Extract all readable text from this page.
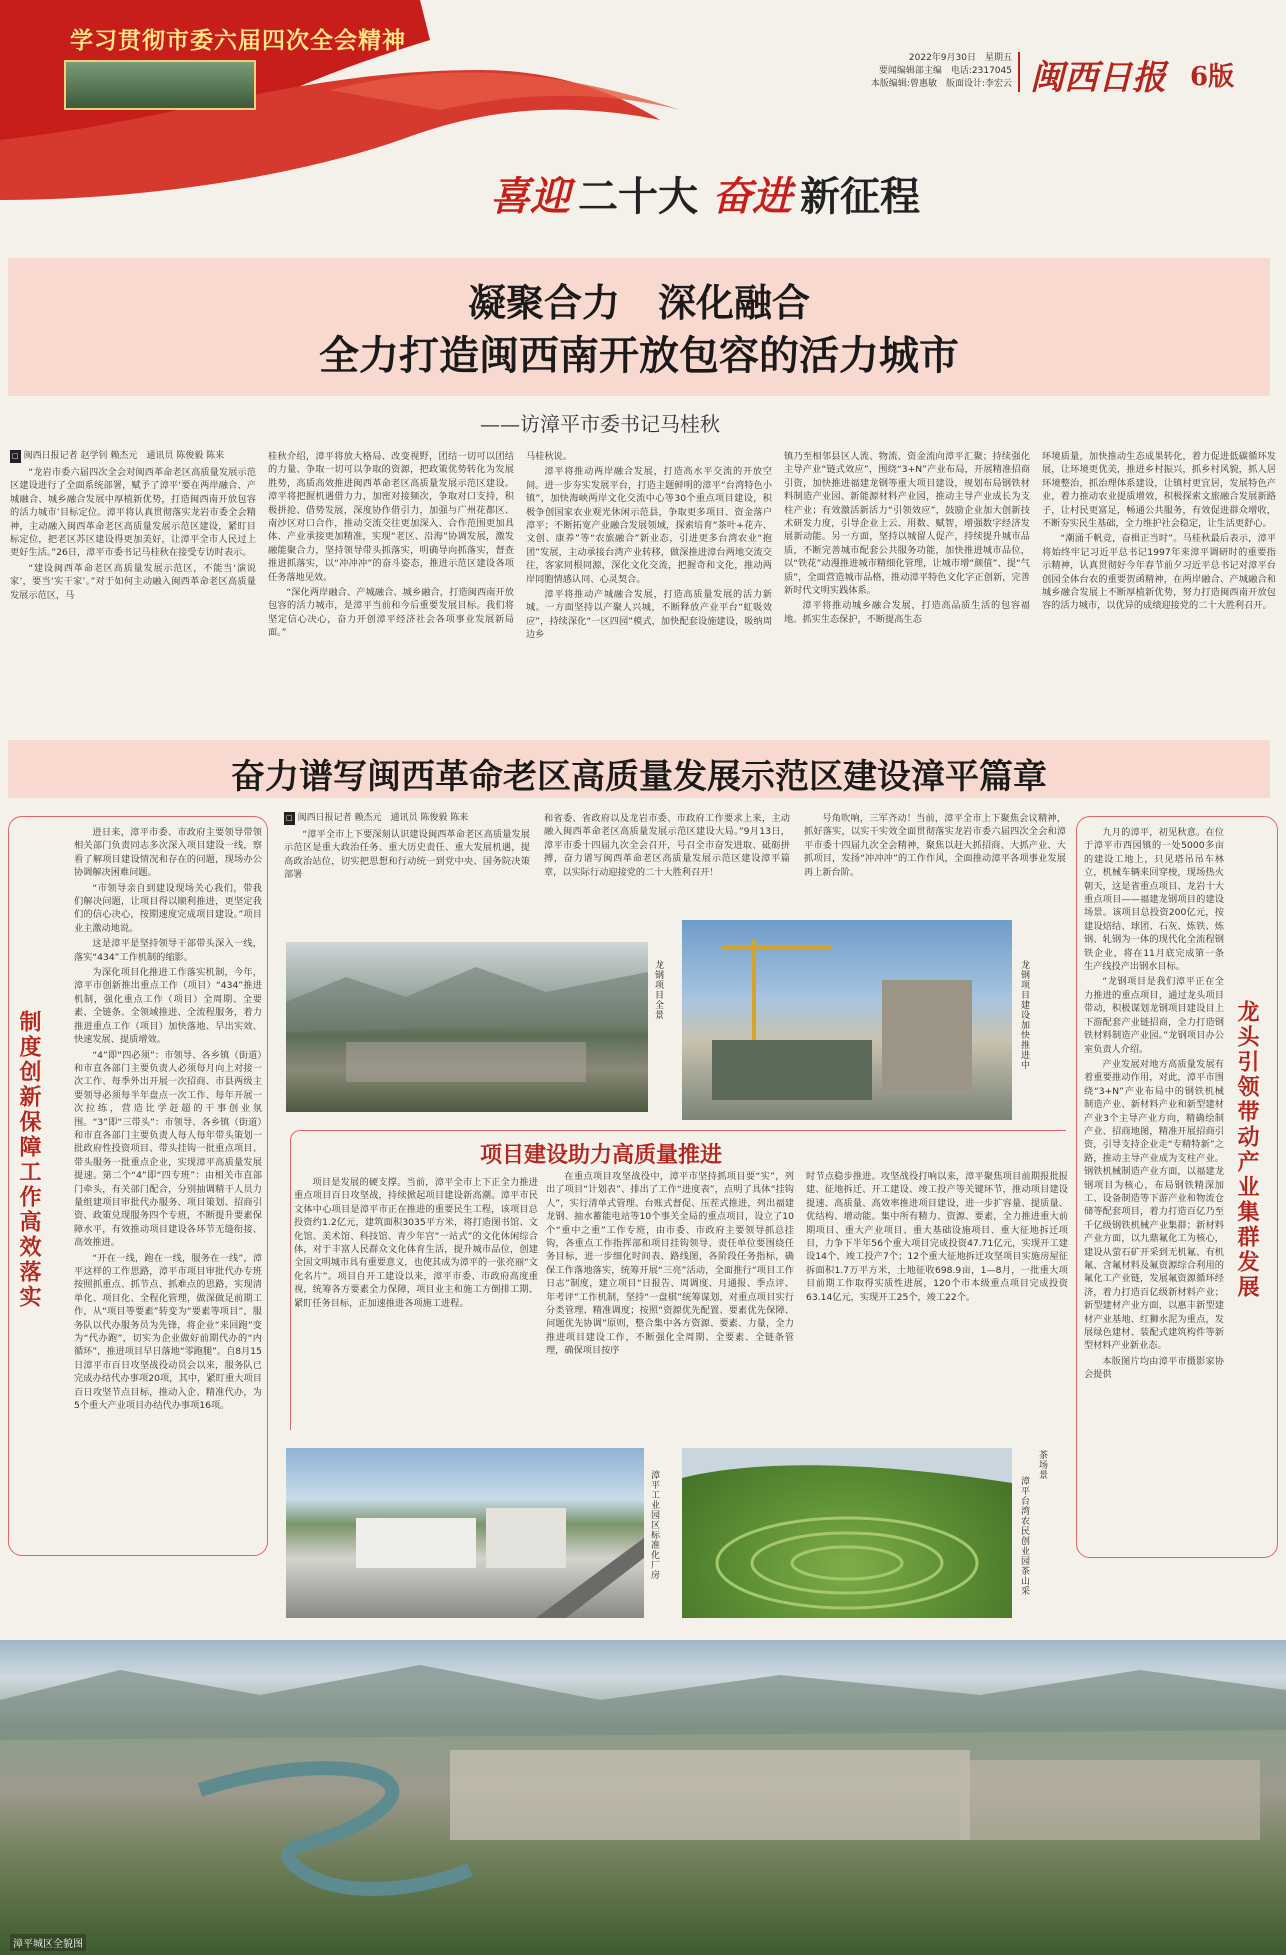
学习贯彻市委六届四次全会精神
2022年9月30日　星期五
要闻编辑部主编　电话:2317045
本版编辑:曾惠敏　版面设计:李宏云 闽西日报 6版
喜迎 二十大 奋进 新征程
凝聚合力　深化融合
全力打造闽西南开放包容的活力城市
——访漳平市委书记马桂秋
□ 闽西日报记者 赵学钊 赖杰元　通讯员 陈俊毅 陈来

“龙岩市委六届四次全会对闽西革命老区高质量发展示范区建设进行了全面系统部署，赋予了漳平‘要在两岸融合、产城融合、城乡融合发展中厚植新优势，打造闽西南开放包容的活力城市’目标定位。漳平将认真贯彻落实龙岩市委全会精神，主动融入闽西革命老区高质量发展示范区建设，紧盯目标定位，把老区苏区建设得更加美好，让漳平全市人民过上更好生活。”26日，漳平市委书记马桂秋在接受专访时表示。

“建设闽西革命老区高质量发展示范区，不能当‘演说家’，要当‘实干家’。”对于如何主动融入闽西革命老区高质量发展示范区，马

桂秋介绍，漳平将放大格局、改变视野，团结一切可以团结的力量、争取一切可以争取的资源，把政策优势转化为发展胜势，高质高效推进闽西革命老区高质量发展示范区建设。漳平将把握机遇借力力，加密对接频次，争取对口支持，积极拼抢、借势发展，深度协作借引力，加强与广州花都区、南沙区对口合作，推动交流交往更加深入、合作范围更加具体、产业承接更加精准，实现“老区、沿海”协调发展，激发融能聚合力，坚持领导带头抓落实，明确导向抓落实，督查推进抓落实，以“冲冲冲”的奋斗姿态，推进示范区建设各项任务落地见效。

“深化两岸融合、产城融合、城乡融合，打造闽西南开放包容的活力城市，是漳平当前和今后重要发展目标。我们将坚定信心决心，奋力开创漳平经济社会各项事业发展新局面。”

马桂秋说。

漳平将推动两岸融合发展，打造高水平交流的开放空间。进一步夯实发展平台，打造主题鲜明的漳平“台湾特色小镇”，加快海峡两岸文化交流中心等30个重点项目建设，积极争创国家农业观光休闲示范县，争取更多项目、资金落户漳平；不断拓宽产业融合发展领域，探索培育“茶叶+花卉、文创、康养”等“农旅融合”新业态，引进更多台湾农业“抱团”发展，主动承接台湾产业转移，做深推进漳台两地交流交往，客家同根同源，深化文化交流，把握奇和文化，推动两岸同胞情感认同、心灵契合。

漳平将推动产城融合发展，打造高质量发展的活力新城。一方面坚持以产聚人兴城，不断释放产业平台“虹吸效应”，持续深化“一区四园”模式，加快配套设施建设，吸纳周边乡

镇乃至相邻县区人流、物流、资金流向漳平汇聚；持续强化主导产业“链式效应”，围绕“3+N”产业布局，开展精准招商引资，加快推进福建龙钢等重大项目建设，规划布局钢铁材料制造产业园、新能源材料产业园，推动主导产业成长为支柱产业；有效激活新活力“引领效应”，鼓励企业加大创新技术研发力度，引导企业上云、用数、赋智，增强数字经济发展新动能。另一方面，坚持以城留人促产，持续提升城市品质，不断完善城市配套公共服务功能，加快推进城市品位，以“铁花”动漫推进城市精细化管理，让城市增“颜值”、提“气质”，全面营造城市品格，推动漳平特色文化字正创新，完善新时代文明实践体系。

漳平将推动城乡融合发展，打造高品质生活的包容福地。抓实生态保护，不断提高生态

环境质量，加快推动生态成果转化，着力促进低碳循环发展，让环境更优美，推进乡村振兴，抓乡村风貌，抓人居环境整治，抓治理体系建设，让镇村更宜居，发展特色产业，着力推动农业提质增效，积极探索文旅融合发展新路子，让村民更富足，畅通公共服务，有效促进群众增收，不断夯实民生基础，全力维护社会稳定，让生活更舒心。

“潮涌千帆竞，奋楫正当时”。马桂秋最后表示，漳平将始终牢记习近平总书记1997年来漳平调研时的重要指示精神，认真贯彻好今年春节前夕习近平总书记对漳平台创园全体台农的重要贺函精神，在两岸融合、产城融合和城乡融合发展上不断厚植新优势，努力打造闽西南开放包容的活力城市，以优异的成绩迎接党的二十大胜利召开。

奋力谱写闽西革命老区高质量发展示范区建设漳平篇章
制度创新保障工作高效落实

进日来，漳平市委、市政府主要领导带领相关部门负责同志多次深入项目建设一线，察看了解项目建设情况和存在的问题，现场办公协调解决困难问题。

“市领导亲自到建设现场关心我们，带我们解决问题，让项目得以顺利推进，更坚定我们的信心决心，按期速度完成项目建设。”项目业主激动地说。

这是漳平是坚持领导干部带头深入一线，落实“434”工作机制的缩影。

为深化项目化推进工作落实机制，今年，漳平市创新推出重点工作（项目）“434”推进机制，强化重点工作（项目）全周期、全要素、全链条、全领域推进、全流程服务，着力推进重点工作（项目）加快落地、早出实效、快速发展、提质增效。

“4”即“四必须”：市领导、各乡镇（街道）和市直各部门主要负责人必须每月向上对接一次工作、每季外出开展一次招商、市县两级主要领导必须每半年盘点一次工作、每年开展一次拉练，营造比学赶超的干事创业氛围。“3”即“三带头”：市领导、各乡镇（街道）和市直各部门主要负责人每人每年带头策划一批政府性投资项目、带头挂钩一批重点项目、带头服务一批重点企业，实现漳平高质量发展提速。第二个“4”即“四专班”：由相关市直部门牵头，有关部门配合，分别抽调精干人员力量组建项目审批代办服务、项目策划、招商引资、政策兑现服务四个专班，不断提升要素保障水平，有效推动项目建设各环节无缝衔接、高效推进。

“开在一线，跑在一线，服务在一线”，漳平这样的工作思路，漳平市项目审批代办专班按照抓重点、抓节点、抓难点的思路，实现清单化、项目化、全程化管理，做深做足前期工作，从“项目等要素”转变为“要素等项目”，服务队以代办服务员为先锋，将企业“来回跑”变为“代办跑”，切实为企业做好前期代办的“内循环”，推进项目早日落地“零跑腿”。自8月15日漳平市百日攻坚战役动员会以来，服务队已完成办结代办事项20项，其中，紧盯重大项目百日攻坚节点目标，推动入企、精准代办，为5个重大产业项目办结代办事项16项。

龙头引领带动产业集群发展

九月的漳平，初见秋意。在位于漳平市西园镇的一处5000多亩的建设工地上，只见塔吊吊车林立，机械车辆来回穿梭，现场热火朝天，这是省重点项目、龙岩十大重点项目——福建龙钢项目的建设场景。该项目总投资200亿元，按建设焙结、球团、石灰、炼铁、炼钢、轧钢为一体的现代化全流程钢铁企业，将在11月底完成第一条生产线投产出钢水目标。

“龙钢项目是我们漳平正在全力推进的重点项目，通过龙头项目带动，积极谋划龙钢项目建设目上下游配套产业链招商，全力打造钢铁材料制造产业园。”龙钢项目办公室负责人介绍。

产业发展对地方高质量发展有着重要推动作用，对此，漳平市围绕“3+N”产业布局中的钢铁机械制造产业、新材料产业和新型建材产业3个主导产业方向，精确绘制产业、招商地图，精准开展招商引资，引导支持企业走“专精特新”之路，推动主导产业成为支柱产业。钢铁机械制造产业方面，以福建龙钢项目为核心，布局钢铁精深加工、设备制造等下游产业和物流仓储等配套项目，着力打造百亿乃至千亿级钢铁机械产业集群；新材料产业方面，以九鼎氟化工为核心，建设从萤石矿开采到无机氟、有机氟、含氟材料及氟资源综合利用的氟化工产业链，发展氟资源循环经济，着力打造百亿级新材料产业；新型建材产业方面，以惠丰新型建材产业基地、红狮水泥为重点，发展绿色建材、装配式建筑构件等新型材料产业新业态。

本版图片均由漳平市摄影家协会提供

□ 闽西日报记者 赖杰元　通讯员 陈俊毅 陈来

“漳平全市上下要深刻认识建设闽西革命老区高质量发展示范区是重大政治任务、重大历史责任、重大发展机遇，提高政治站位，切实把思想和行动统一到党中央、国务院决策部署

和省委、省政府以及龙岩市委、市政府工作要求上来，主动融入闽西革命老区高质量发展示范区建设大局。”9月13日，漳平市委十四届九次全会召开，号召全市奋发进取、砥砺拼搏，奋力谱写闽西革命老区高质量发展示范区建设漳平篇章，以实际行动迎接党的二十大胜利召开！

号角吹响，三军齐动！当前，漳平全市上下聚焦会议精神，抓好落实，以实干实效全面贯彻落实龙岩市委六届四次全会和漳平市委十四届九次全会精神，聚焦以赶大抓招商、大抓产业、大抓项目，发扬“冲冲冲”的工作作风，全面推动漳平各项事业发展再上新台阶。

龙钢项目全景	龙钢项目建设加快推进中
项目建设助力高质量推进

项目是发展的硬支撑。当前，漳平全市上下正全力推进重点项目百日攻坚战，持续掀起项目建设新高潮。漳平市民文体中心项目是漳平市正在推进的重要民生工程，该项目总投资约1.2亿元，建筑面积3035平方米，将打造图书馆、文化馆、美术馆、科技馆、青少年宫“一站式”的文化休闲综合体，对于丰富人民群众文化体育生活，提升城市品位，创建全国文明城市具有重要意义，也使其成为漳平的一张亮丽“文化名片”。项目自开工建设以来，漳平市委、市政府高度重视，统筹各方要素全力保障，项目业主和施工方倒排工期、紧盯任务目标，正加速推进各项施工进程。

在重点项目攻坚战役中，漳平市坚持抓项目要“实”，列出了项目“计划表”、排出了工作“进度表”，点明了具体“挂钩人”，实行清单式管理、台账式督促、压茬式推进，列出福建龙钢、抽水蓄能电站等10个事关全局的重点项目，设立了10个“重中之重”工作专班，由市委、市政府主要领导抓总挂钩，各重点工作指挥部和项目挂钩领导、责任单位要围绕任务目标，进一步细化时间表、路线图，各阶段任务指标，确保工作落地落实，统筹开展“三亮”活动，全面推行“项目工作日志”制度，建立项目“日报告、周调度、月通报、季点评、年考评”工作机制，坚持“一盘棋”统筹谋划，对重点项目实行分类管理、精准调度；按照“资源优先配置、要素优先保障、问题优先协调”原则，整合集中各方资源、要素、力量，全力推进项目建设工作，不断强化全周期、全要素、全链条管理，确保项目按序

时节点稳步推进。攻坚战役打响以来，漳平聚焦项目前期报批报建、征地拆迁、开工建设、竣工投产等关键环节，推动项目建设提速、高质量、高效率推进项目建设，进一步扩容量、提质量、优结构、增动能。集中所有精力、资源、要素，全力推进重大前期项目、重大产业项目、重大基础设施项目、重大征地拆迁项目，力争下半年56个重大项目完成投资47.71亿元，实现开工建设14个、竣工投产7个；12个重大征地拆迁攻坚项目实施房屋征拆面积1.7万平方米，土地征收698.9亩，1—8月，一批重大项目前期工作取得实质性进展，120个市本级重点项目完成投资63.14亿元，实现开工25个，竣工22个。

漳平工业园区标准化厂房
茶场景
漳平台湾农民创业园茶山采
漳平城区全貌图
